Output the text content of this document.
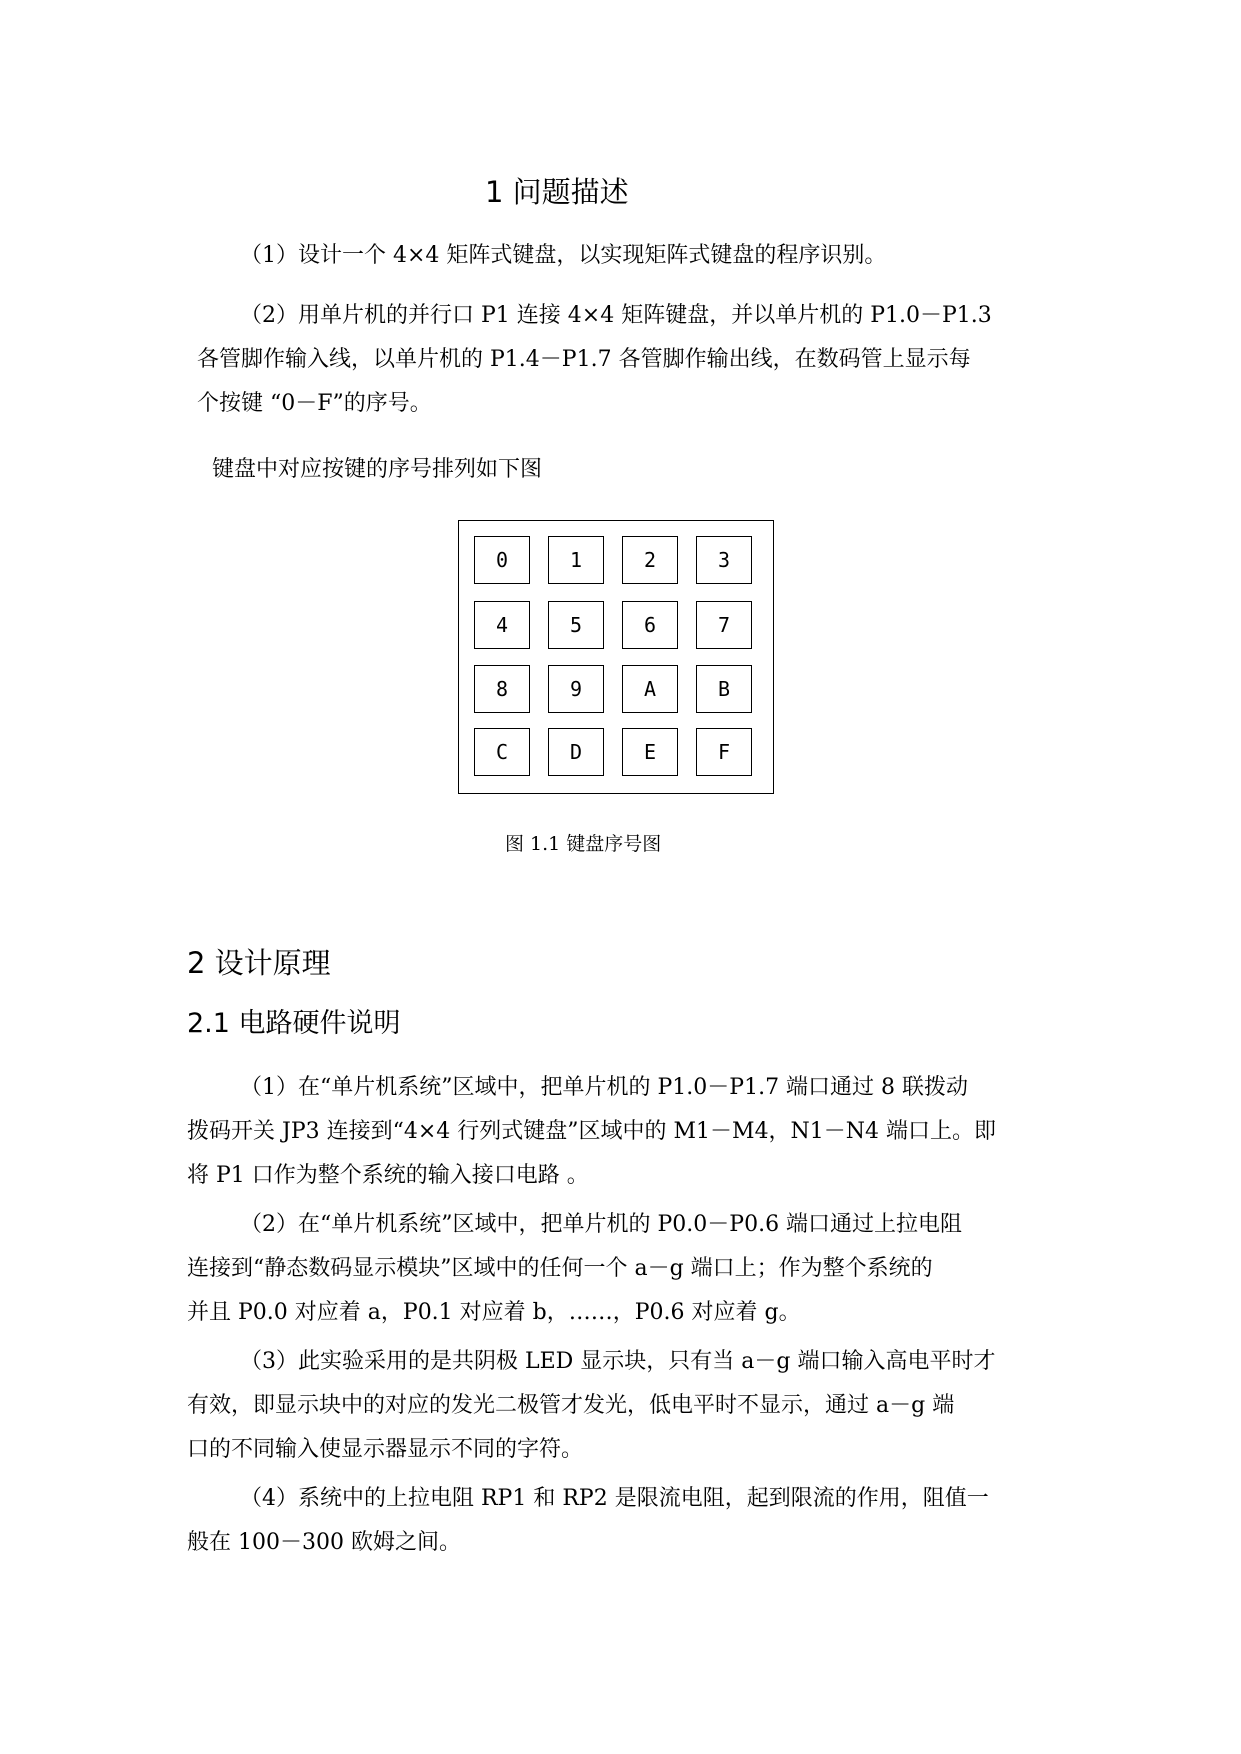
1 问题描述
（1）设计一个 4×4 矩阵式键盘，以实现矩阵式键盘的程序识别。
（2）用单片机的并行口 P1 连接 4×4 矩阵键盘，并以单片机的 P1.0－P1.3
各管脚作输入线，以单片机的 P1.4－P1.7 各管脚作输出线，在数码管上显示每
个按键 “0－F”的序号。
键盘中对应按键的序号排列如下图
0	1	2	3
4	5	6	7
8	9	A	B
C	D	E	F
图 1.1 键盘序号图
2 设计原理
2.1 电路硬件说明
（1）在“单片机系统”区域中，把单片机的 P1.0－P1.7 端口通过 8 联拨动
拨码开关 JP3 连接到“4×4 行列式键盘”区域中的 M1－M4，N1－N4 端口上。即
将 P1 口作为整个系统的输入接口电路 。
（2）在“单片机系统”区域中，把单片机的 P0.0－P0.6 端口通过上拉电阻
连接到“静态数码显示模块”区域中的任何一个 a－g 端口上；作为整个系统的
并且 P0.0 对应着 a，P0.1 对应着 b，……，P0.6 对应着 g。
（3）此实验采用的是共阴极 LED 显示块，只有当 a－g 端口输入高电平时才
有效，即显示块中的对应的发光二极管才发光，低电平时不显示，通过 a－g 端
口的不同输入使显示器显示不同的字符。
（4）系统中的上拉电阻 RP1 和 RP2 是限流电阻，起到限流的作用，阻值一
般在 100－300 欧姆之间。
